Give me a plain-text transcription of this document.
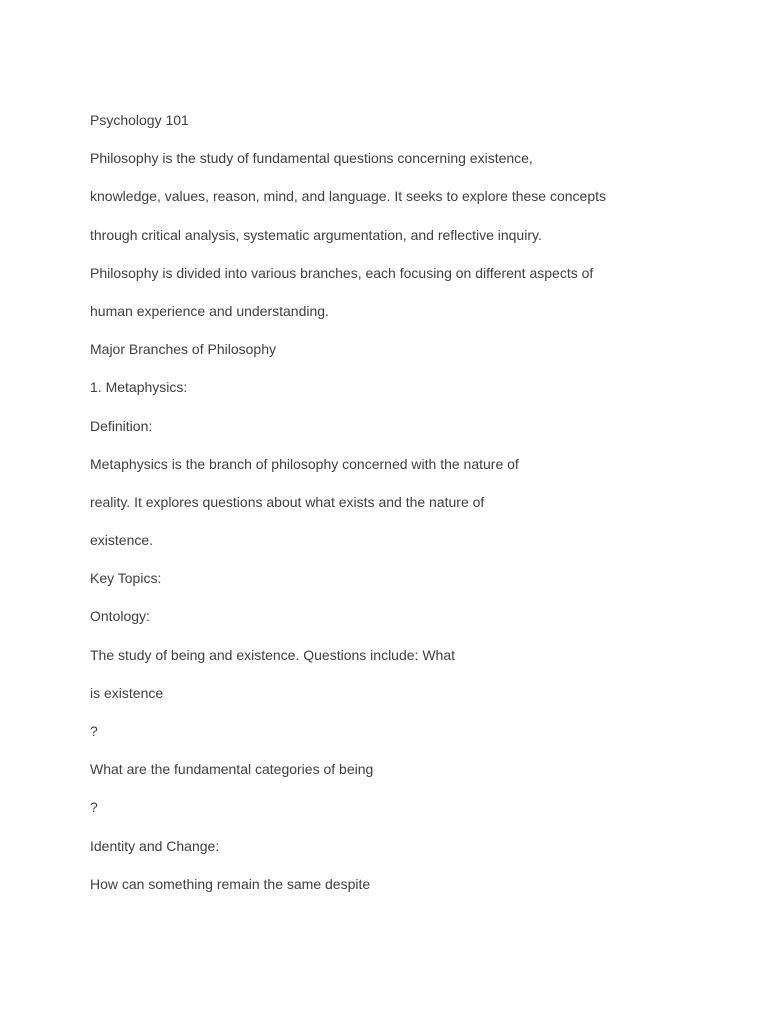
Psychology 101
Philosophy is the study of fundamental questions concerning existence,
knowledge, values, reason, mind, and language. It seeks to explore these concepts
through critical analysis, systematic argumentation, and reflective inquiry.
Philosophy is divided into various branches, each focusing on different aspects of
human experience and understanding.
Major Branches of Philosophy
1. Metaphysics:
Definition:
Metaphysics is the branch of philosophy concerned with the nature of
reality. It explores questions about what exists and the nature of
existence.
Key Topics:
Ontology:
The study of being and existence. Questions include: What
is existence
?
What are the fundamental categories of being
?
Identity and Change:
How can something remain the same despite
